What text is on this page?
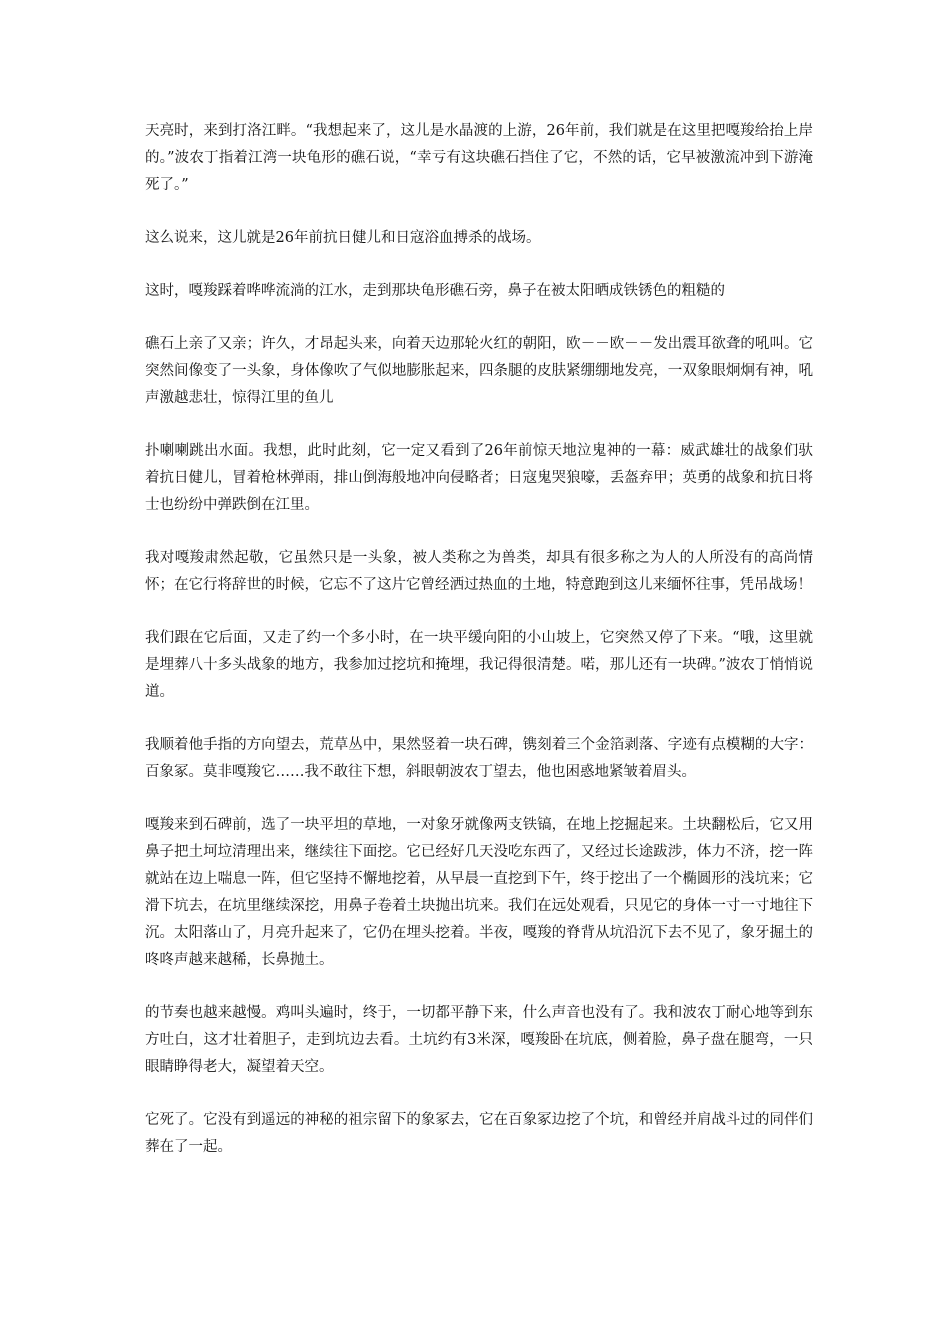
天亮时，来到打洛江畔。“我想起来了，这儿是水晶渡的上游，26年前，我们就是在这里把嘎羧给抬上岸的。”波农丁指着江湾一块龟形的礁石说，“幸亏有这块礁石挡住了它，不然的话，它早被激流冲到下游淹死了。”

这么说来，这儿就是26年前抗日健儿和日寇浴血搏杀的战场。

这时，嘎羧踩着哗哗流淌的江水，走到那块龟形礁石旁，鼻子在被太阳晒成铁锈色的粗糙的

礁石上亲了又亲；许久，才昂起头来，向着天边那轮火红的朝阳，欧－－欧－－发出震耳欲聋的吼叫。它突然间像变了一头象，身体像吹了气似地膨胀起来，四条腿的皮肤紧绷绷地发亮，一双象眼炯炯有神，吼声激越悲壮，惊得江里的鱼儿

扑喇喇跳出水面。我想，此时此刻，它一定又看到了26年前惊天地泣鬼神的一幕：威武雄壮的战象们驮着抗日健儿，冒着枪林弹雨，排山倒海般地冲向侵略者；日寇鬼哭狼嚎，丢盔弃甲；英勇的战象和抗日将士也纷纷中弹跌倒在江里。

我对嘎羧肃然起敬，它虽然只是一头象，被人类称之为兽类，却具有很多称之为人的人所没有的高尚情怀；在它行将辞世的时候，它忘不了这片它曾经洒过热血的土地，特意跑到这儿来缅怀往事，凭吊战场！

我们跟在它后面，又走了约一个多小时，在一块平缓向阳的小山坡上，它突然又停了下来。“哦，这里就是埋葬八十多头战象的地方，我参加过挖坑和掩埋，我记得很清楚。喏，那儿还有一块碑。”波农丁悄悄说道。

我顺着他手指的方向望去，荒草丛中，果然竖着一块石碑，镌刻着三个金箔剥落、字迹有点模糊的大字：百象冢。莫非嘎羧它……我不敢往下想，斜眼朝波农丁望去，他也困惑地紧皱着眉头。

嘎羧来到石碑前，选了一块平坦的草地，一对象牙就像两支铁镐，在地上挖掘起来。土块翻松后，它又用鼻子把土坷垃清理出来，继续往下面挖。它已经好几天没吃东西了，又经过长途跋涉，体力不济，挖一阵就站在边上喘息一阵，但它坚持不懈地挖着，从早晨一直挖到下午，终于挖出了一个椭圆形的浅坑来；它滑下坑去，在坑里继续深挖，用鼻子卷着土块抛出坑来。我们在远处观看，只见它的身体一寸一寸地往下沉。太阳落山了，月亮升起来了，它仍在埋头挖着。半夜，嘎羧的脊背从坑沿沉下去不见了，象牙掘土的咚咚声越来越稀，长鼻抛土。

的节奏也越来越慢。鸡叫头遍时，终于，一切都平静下来，什么声音也没有了。我和波农丁耐心地等到东方吐白，这才壮着胆子，走到坑边去看。土坑约有3米深，嘎羧卧在坑底，侧着脸，鼻子盘在腿弯，一只眼睛睁得老大，凝望着天空。

它死了。它没有到遥远的神秘的祖宗留下的象冢去，它在百象冢边挖了个坑，和曾经并肩战斗过的同伴们葬在了一起。
